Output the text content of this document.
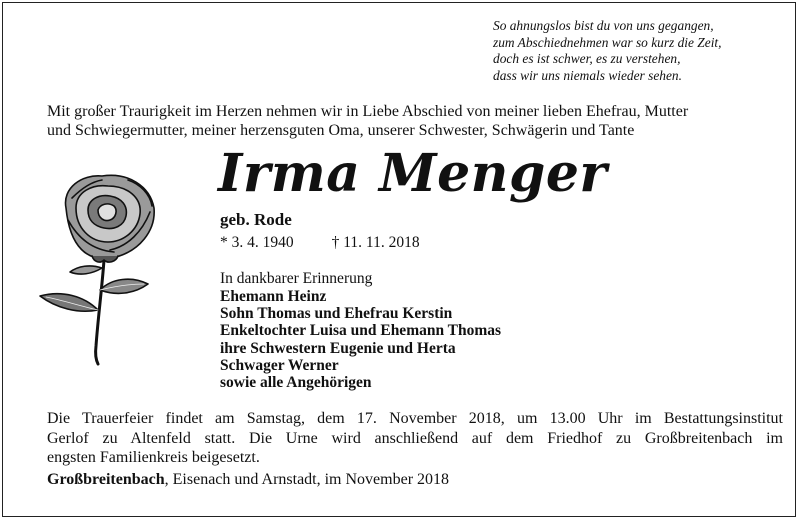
So ahnungslos bist du von uns gegangen,
zum Abschiednehmen war so kurz die Zeit,
doch es ist schwer, es zu verstehen,
dass wir uns niemals wieder sehen.
Mit großer Traurigkeit im Herzen nehmen wir in Liebe Abschied von meiner lieben Ehefrau, Mutter
und Schwiegermutter, meiner herzensguten Oma, unserer Schwester, Schwägerin und Tante
Irma Menger
geb. Rode
* 3. 4. 1940 † 11. 11. 2018
In dankbarer Erinnerung
Ehemann Heinz
Sohn Thomas und Ehefrau Kerstin
Enkeltochter Luisa und Ehemann Thomas
ihre Schwestern Eugenie und Herta
Schwager Werner
sowie alle Angehörigen
Die Trauerfeier findet am Samstag, dem 17. November 2018, um 13.00 Uhr im Bestattungsinstitut
Gerlof zu Altenfeld statt. Die Urne wird anschließend auf dem Friedhof zu Großbreitenbach im
engsten Familienkreis beigesetzt.
Großbreitenbach, Eisenach und Arnstadt, im November 2018
